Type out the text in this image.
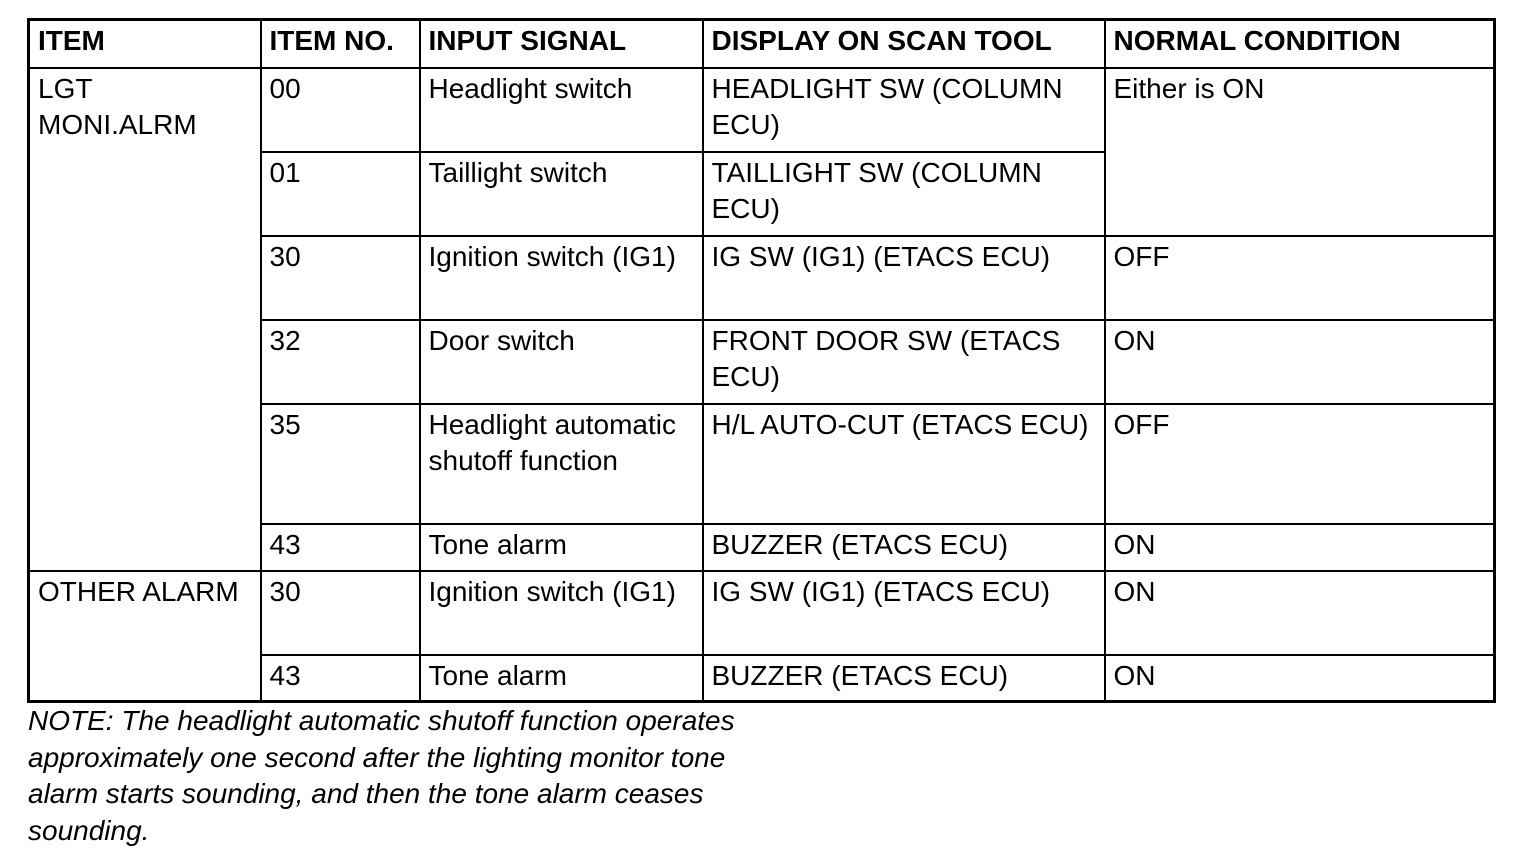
ITEM	ITEM NO.	INPUT SIGNAL	DISPLAY ON SCAN TOOL	NORMAL CONDITION
LGT MONI.ALRM	00	Headlight switch	HEADLIGHT SW (COLUMN ECU)	Either is ON
	01	Taillight switch	TAILLIGHT SW (COLUMN ECU)	
	30	Ignition switch (IG1)	IG SW (IG1) (ETACS ECU)	OFF
	32	Door switch	FRONT DOOR SW (ETACS ECU)	ON
	35	Headlight automatic shutoff function	H/L AUTO-CUT (ETACS ECU)	OFF
	43	Tone alarm	BUZZER (ETACS ECU)	ON
OTHER ALARM	30	Ignition switch (IG1)	IG SW (IG1) (ETACS ECU)	ON
	43	Tone alarm	BUZZER (ETACS ECU)	ON

NOTE: The headlight automatic shutoff function operates approximately one second after the lighting monitor tone alarm starts sounding, and then the tone alarm ceases sounding.
